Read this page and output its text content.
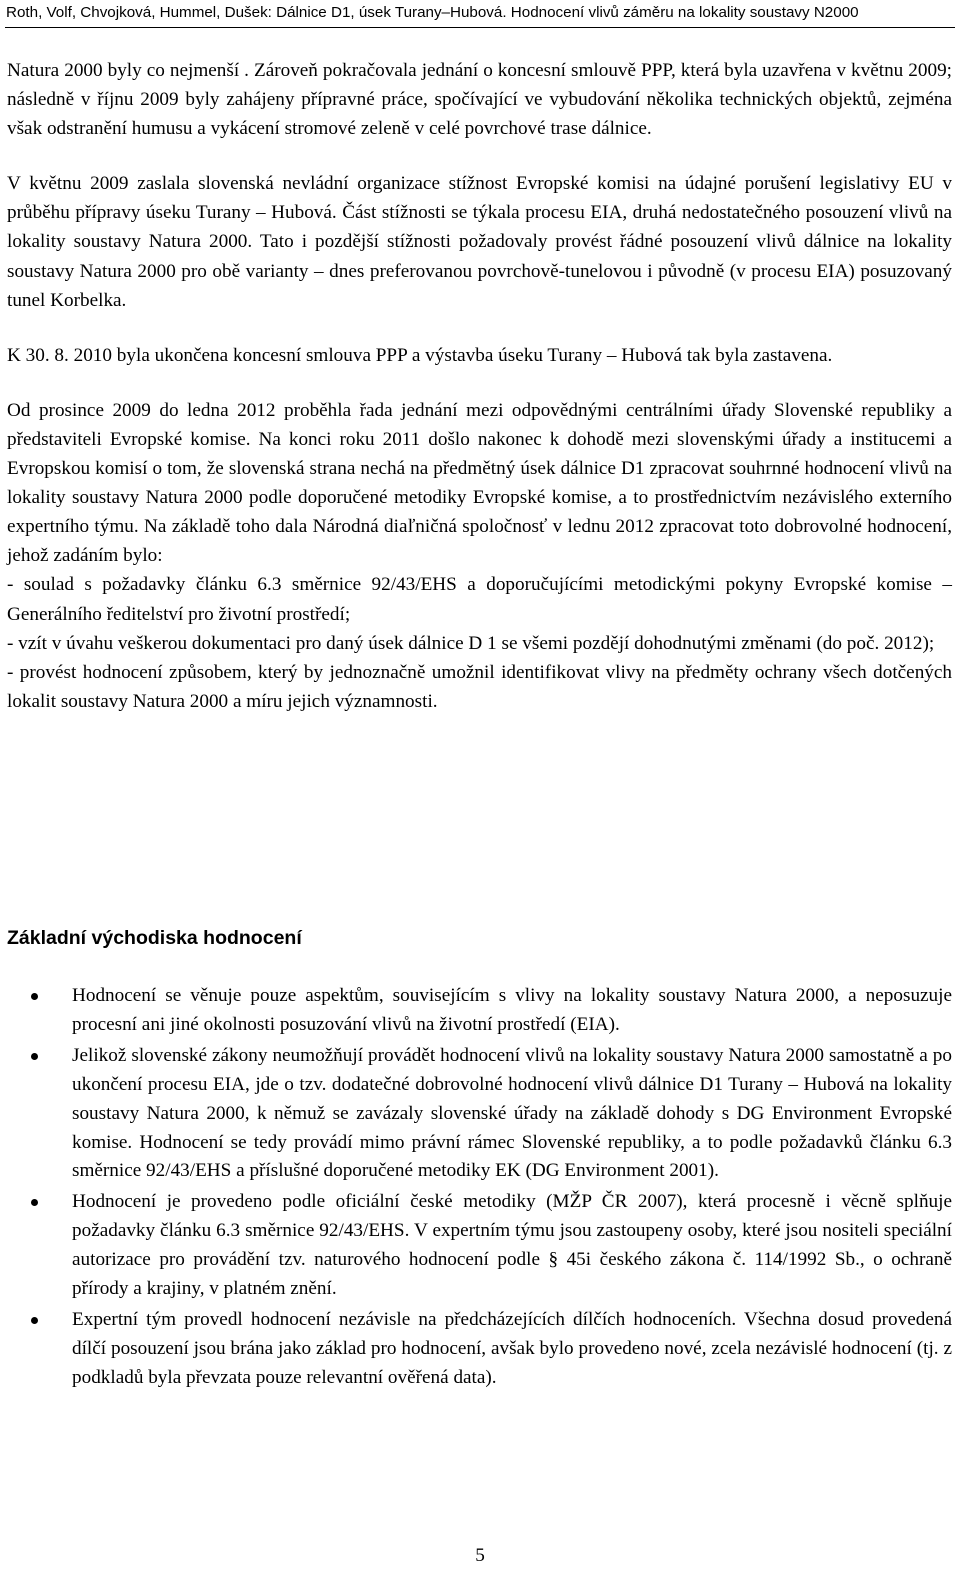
Roth, Volf, Chvojková, Hummel, Dušek: Dálnice D1, úsek Turany–Hubová. Hodnocení vlivů záměru na lokality soustavy N2000

Natura 2000 byly co nejmenší . Zároveň pokračovala jednání o koncesní smlouvě PPP, která byla uzavřena v květnu 2009; následně v říjnu 2009 byly zahájeny přípravné práce, spočívající ve vybudování několika technických objektů, zejména však odstranění humusu a vykácení stromové zeleně v celé povrchové trase dálnice.

V květnu 2009 zaslala slovenská nevládní organizace stížnost Evropské komisi na údajné porušení legislativy EU v průběhu přípravy úseku Turany – Hubová. Část stížnosti se týkala procesu EIA, druhá nedostatečného posouzení vlivů na lokality soustavy Natura 2000. Tato i pozdější stížnosti požadovaly provést řádné posouzení vlivů dálnice na lokality soustavy Natura 2000 pro obě varianty – dnes preferovanou povrchově-tunelovou i původně (v procesu EIA) posuzovaný tunel Korbelka.

K 30. 8. 2010 byla ukončena koncesní smlouva PPP a výstavba úseku Turany – Hubová tak byla zastavena.

Od prosince 2009 do ledna 2012 proběhla řada jednání mezi odpovědnými centrálními úřady Slovenské republiky a představiteli Evropské komise. Na konci roku 2011 došlo nakonec k dohodě mezi slovenskými úřady a institucemi a Evropskou komisí o tom, že slovenská strana nechá na předmětný úsek dálnice D1 zpracovat souhrnné hodnocení vlivů na lokality soustavy Natura 2000 podle doporučené metodiky Evropské komise, a to prostřednictvím nezávislého externího expertního týmu. Na základě toho dala Národná diaľničná spoločnosť v lednu 2012 zpracovat toto dobrovolné hodnocení, jehož zadáním bylo:

- soulad s požadavky článku 6.3 směrnice 92/43/EHS a doporučujícími metodickými pokyny Evropské komise – Generálního ředitelství pro životní prostředí;

- vzít v úvahu veškerou dokumentaci pro daný úsek dálnice D 1 se všemi pozdějí dohodnutými změnami (do poč. 2012);

- provést hodnocení způsobem, který by jednoznačně umožnil identifikovat vlivy na předměty ochrany všech dotčených lokalit soustavy Natura 2000 a míru jejich významnosti.

Základní východiska hodnocení
Hodnocení se věnuje pouze aspektům, souvisejícím s vlivy na lokality soustavy Natura 2000, a neposuzuje procesní ani jiné okolnosti posuzování vlivů na životní prostředí (EIA).
Jelikož slovenské zákony neumožňují provádět hodnocení vlivů na lokality soustavy Natura 2000 samostatně a po ukončení procesu EIA, jde o tzv. dodatečné dobrovolné hodnocení vlivů dálnice D1 Turany – Hubová na lokality soustavy Natura 2000, k němuž se zavázaly slovenské úřady na základě dohody s DG Environment Evropské komise. Hodnocení se tedy provádí mimo právní rámec Slovenské republiky, a to podle požadavků článku 6.3 směrnice 92/43/EHS a příslušné doporučené metodiky EK (DG Environment 2001).
Hodnocení je provedeno podle oficiální české metodiky (MŽP ČR 2007), která procesně i věcně splňuje požadavky článku 6.3 směrnice 92/43/EHS. V expertním týmu jsou zastoupeny osoby, které jsou nositeli speciální autorizace pro provádění tzv. naturového hodnocení podle § 45i českého zákona č. 114/1992 Sb., o ochraně přírody a krajiny, v platném znění.
Expertní tým provedl hodnocení nezávisle na předcházejících dílčích hodnoceních. Všechna dosud provedená dílčí posouzení jsou brána jako základ pro hodnocení, avšak bylo provedeno nové, zcela nezávislé hodnocení (tj. z podkladů byla převzata pouze relevantní ověřená data).
5
